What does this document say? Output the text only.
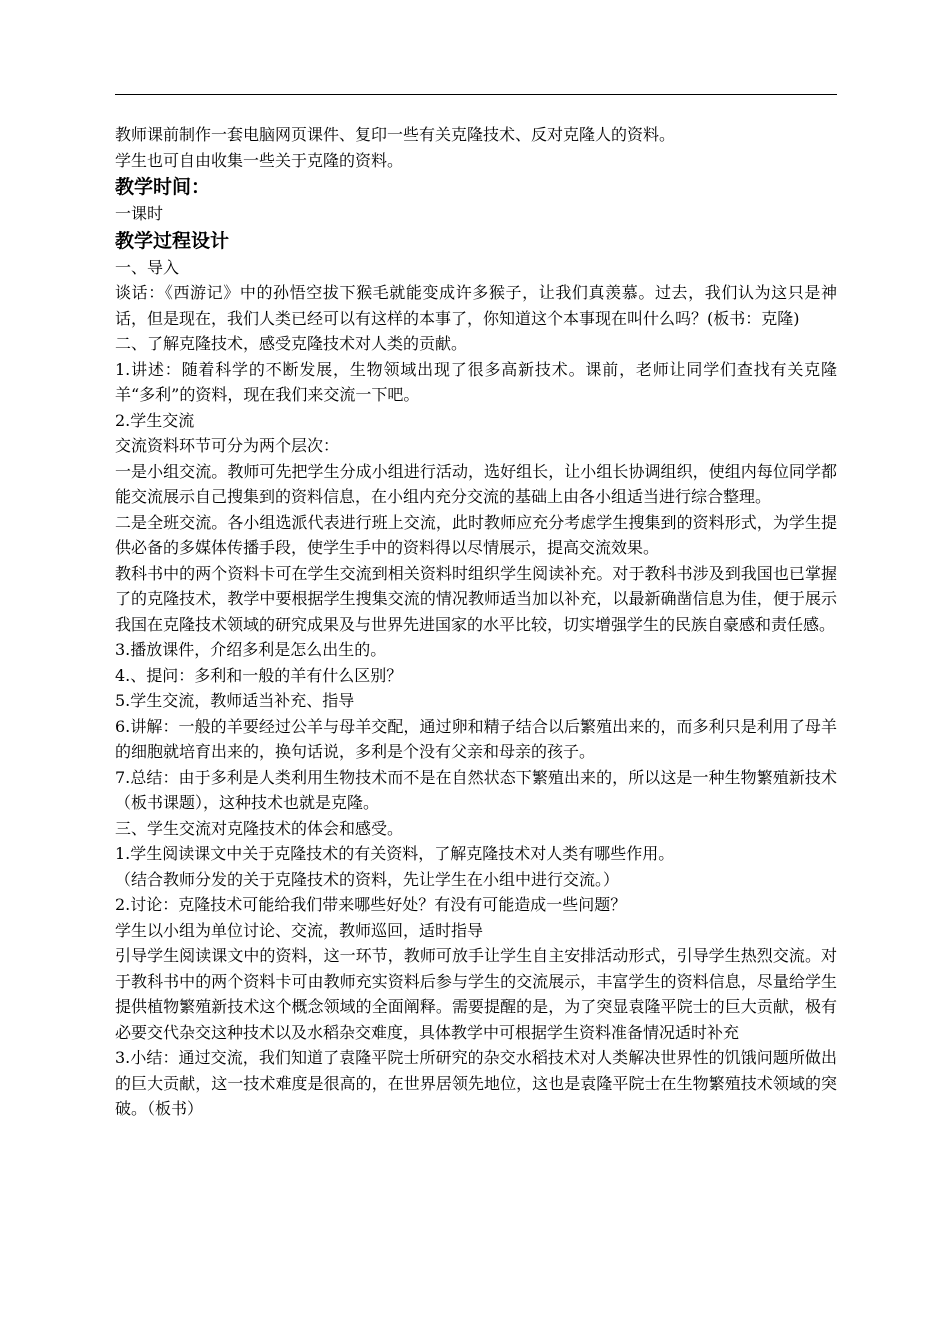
教师课前制作一套电脑网页课件、复印一些有关克隆技术、反对克隆人的资料。

学生也可自由收集一些关于克隆的资料。

教学时间：

一课时

教学过程设计

一、导入

谈话：《西游记》中的孙悟空拔下猴毛就能变成许多猴子，让我们真羡慕。过去，我们认为这只是神话，但是现在，我们人类已经可以有这样的本事了，你知道这个本事现在叫什么吗？(板书：克隆)

二、了解克隆技术，感受克隆技术对人类的贡献。

1.讲述：随着科学的不断发展，生物领域出现了很多高新技术。课前，老师让同学们查找有关克隆羊“多利”的资料，现在我们来交流一下吧。

2.学生交流

交流资料环节可分为两个层次：

一是小组交流。教师可先把学生分成小组进行活动，选好组长，让小组长协调组织，使组内每位同学都能交流展示自己搜集到的资料信息，在小组内充分交流的基础上由各小组适当进行综合整理。

二是全班交流。各小组选派代表进行班上交流，此时教师应充分考虑学生搜集到的资料形式，为学生提供必备的多媒体传播手段，使学生手中的资料得以尽情展示，提高交流效果。

教科书中的两个资料卡可在学生交流到相关资料时组织学生阅读补充。对于教科书涉及到我国也已掌握了的克隆技术，教学中要根据学生搜集交流的情况教师适当加以补充，以最新确凿信息为佳，便于展示我国在克隆技术领域的研究成果及与世界先进国家的水平比较，切实增强学生的民族自豪感和责任感。

3.播放课件，介绍多利是怎么出生的。

4.、提问：多利和一般的羊有什么区别？

5.学生交流，教师适当补充、指导

6.讲解：一般的羊要经过公羊与母羊交配，通过卵和精子结合以后繁殖出来的，而多利只是利用了母羊的细胞就培育出来的，换句话说，多利是个没有父亲和母亲的孩子。

7.总结：由于多利是人类利用生物技术而不是在自然状态下繁殖出来的，所以这是一种生物繁殖新技术（板书课题），这种技术也就是克隆。

三、学生交流对克隆技术的体会和感受。

1.学生阅读课文中关于克隆技术的有关资料，了解克隆技术对人类有哪些作用。

（结合教师分发的关于克隆技术的资料，先让学生在小组中进行交流。）

2.讨论：克隆技术可能给我们带来哪些好处？有没有可能造成一些问题？

学生以小组为单位讨论、交流，教师巡回，适时指导

引导学生阅读课文中的资料，这一环节，教师可放手让学生自主安排活动形式，引导学生热烈交流。对于教科书中的两个资料卡可由教师充实资料后参与学生的交流展示，丰富学生的资料信息，尽量给学生提供植物繁殖新技术这个概念领域的全面阐释。需要提醒的是，为了突显袁隆平院士的巨大贡献，极有必要交代杂交这种技术以及水稻杂交难度，具体教学中可根据学生资料准备情况适时补充

3.小结：通过交流，我们知道了袁隆平院士所研究的杂交水稻技术对人类解决世界性的饥饿问题所做出的巨大贡献，这一技术难度是很高的，在世界居领先地位，这也是袁隆平院士在生物繁殖技术领域的突破。（板书）
